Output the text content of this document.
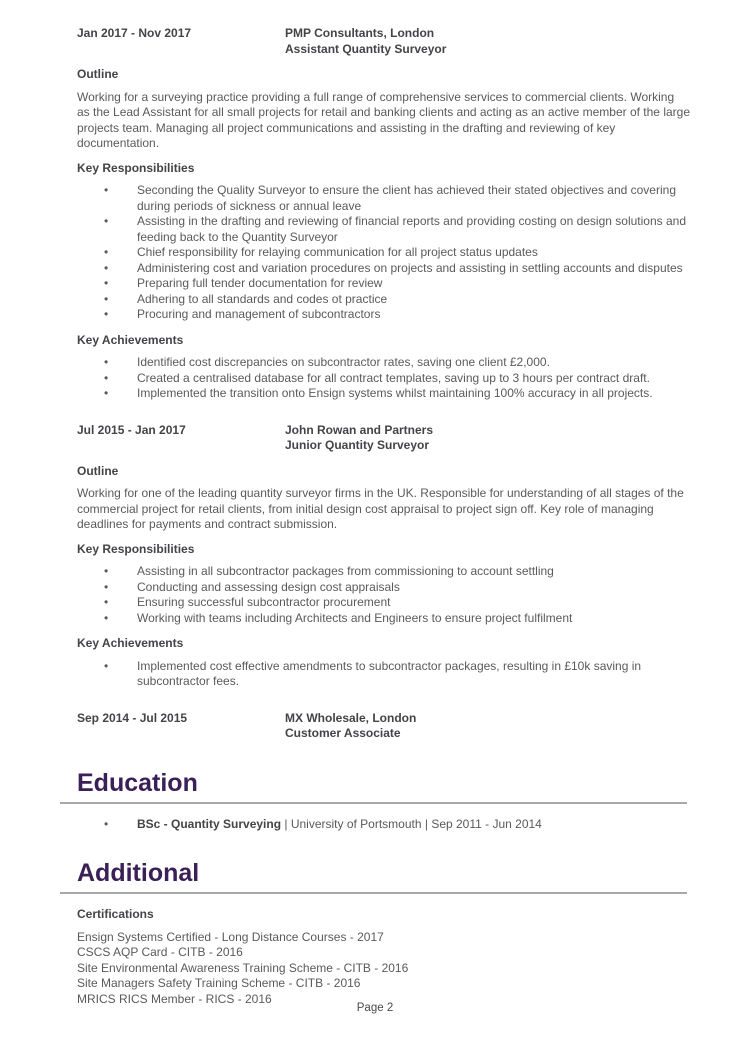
Jan 2017 - Nov 2017	PMP Consultants, London
Assistant Quantity Surveyor
Outline

Working for a surveying practice providing a full range of comprehensive services to commercial clients. Working as the Lead Assistant for all small projects for retail and banking clients and acting as an active member of the large projects team. Managing all project communications and assisting in the drafting and reviewing of key documentation.

Key Responsibilities
• Seconding the Quality Surveyor to ensure the client has achieved their stated objectives and covering during periods of sickness or annual leave
• Assisting in the drafting and reviewing of financial reports and providing costing on design solutions and feeding back to the Quantity Surveyor
• Chief responsibility for relaying communication for all project status updates
• Administering cost and variation procedures on projects and assisting in settling accounts and disputes
• Preparing full tender documentation for review
• Adhering to all standards and codes ot practice
• Procuring and management of subcontractors
Key Achievements
• Identified cost discrepancies on subcontractor rates, saving one client £2,000.
• Created a centralised database for all contract templates, saving up to 3 hours per contract draft.
• Implemented the transition onto Ensign systems whilst maintaining 100% accuracy in all projects.
Jul 2015 - Jan 2017	John Rowan and Partners
Junior Quantity Surveyor
Outline

Working for one of the leading quantity surveyor firms in the UK. Responsible for understanding of all stages of the commercial project for retail clients, from initial design cost appraisal to project sign off. Key role of managing deadlines for payments and contract submission.

Key Responsibilities
• Assisting in all subcontractor packages from commissioning to account settling
• Conducting and assessing design cost appraisals
• Ensuring successful subcontractor procurement
• Working with teams including Architects and Engineers to ensure project fulfilment
Key Achievements
• Implemented cost effective amendments to subcontractor packages, resulting in £10k saving in subcontractor fees.
Sep 2014 - Jul 2015	MX Wholesale, London
Customer Associate
Education
• BSc - Quantity Surveying | University of Portsmouth | Sep 2011 - Jun 2014
Additional
Certifications
Ensign Systems Certified - Long Distance Courses - 2017
CSCS AQP Card - CITB - 2016
Site Environmental Awareness Training Scheme - CITB - 2016
Site Managers Safety Training Scheme - CITB - 2016
MRICS RICS Member - RICS - 2016
Page 2
